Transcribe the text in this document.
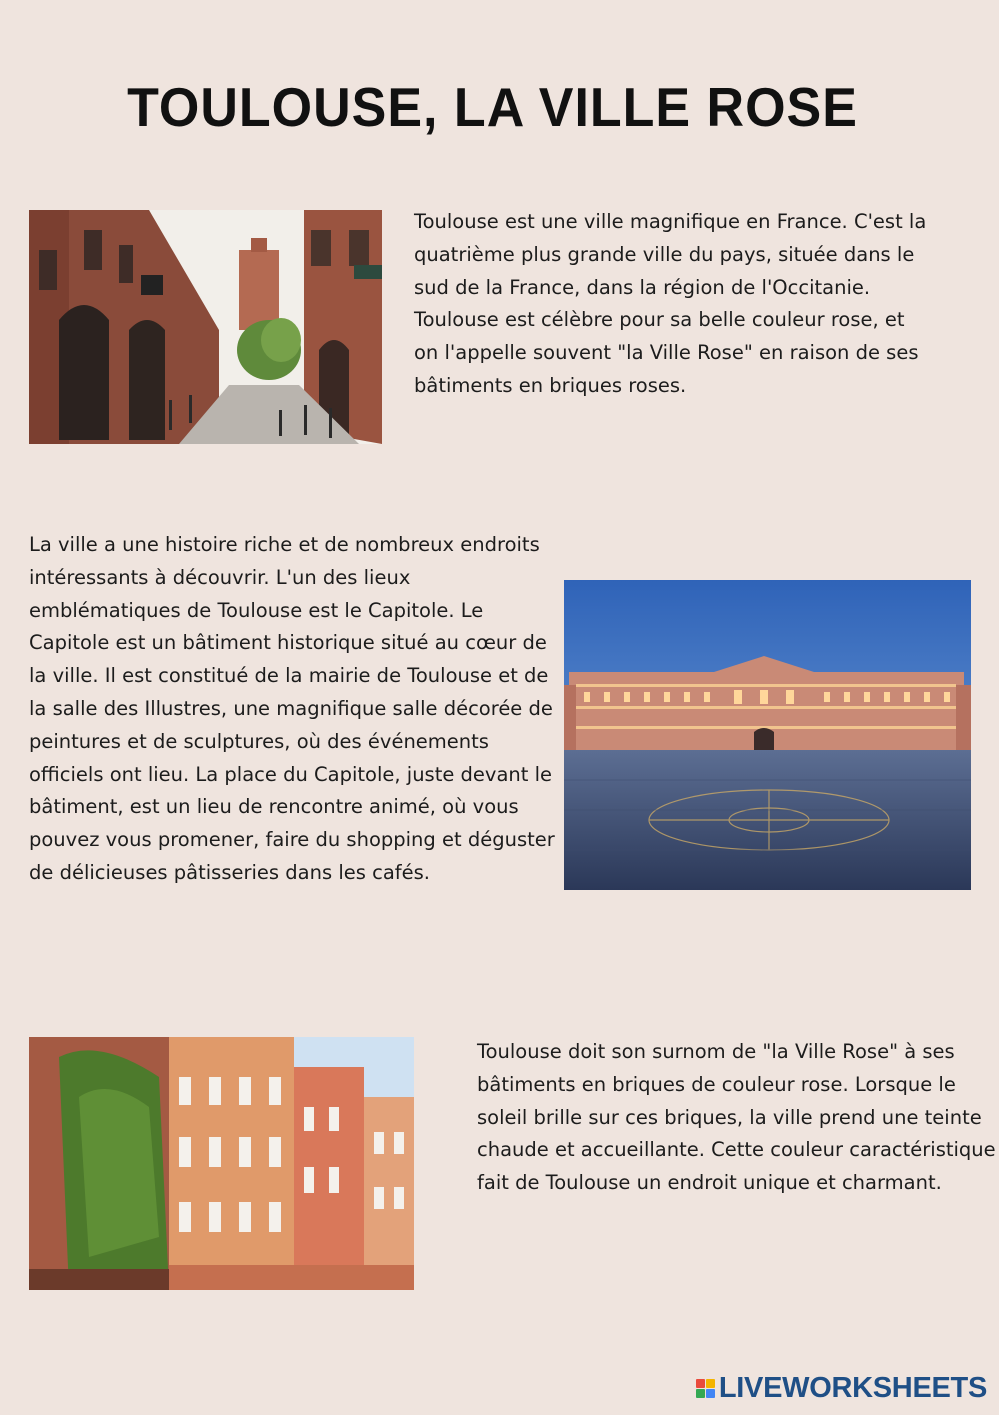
TOULOUSE, LA VILLE ROSE

Toulouse est une ville magnifique en France. C'est la quatrième plus grande ville du pays, située dans le sud de la France, dans la région de l'Occitanie. Toulouse est célèbre pour sa belle couleur rose, et on l'appelle souvent "la Ville Rose" en raison de ses bâtiments en briques roses.

La ville a une histoire riche et de nombreux endroits intéressants à découvrir. L'un des lieux emblématiques de Toulouse est le Capitole. Le Capitole est un bâtiment historique situé au cœur de la ville. Il est constitué de la mairie de Toulouse et de la salle des Illustres, une magnifique salle décorée de peintures et de sculptures, où des événements officiels ont lieu. La place du Capitole, juste devant le bâtiment, est un lieu de rencontre animé, où vous pouvez vous promener, faire du shopping et déguster de délicieuses pâtisseries dans les cafés.

Toulouse doit son surnom de "la Ville Rose" à ses bâtiments en briques de couleur rose. Lorsque le soleil brille sur ces briques, la ville prend une teinte chaude et accueillante. Cette couleur caractéristique fait de Toulouse un endroit unique et charmant.

LIVEWORKSHEETS
